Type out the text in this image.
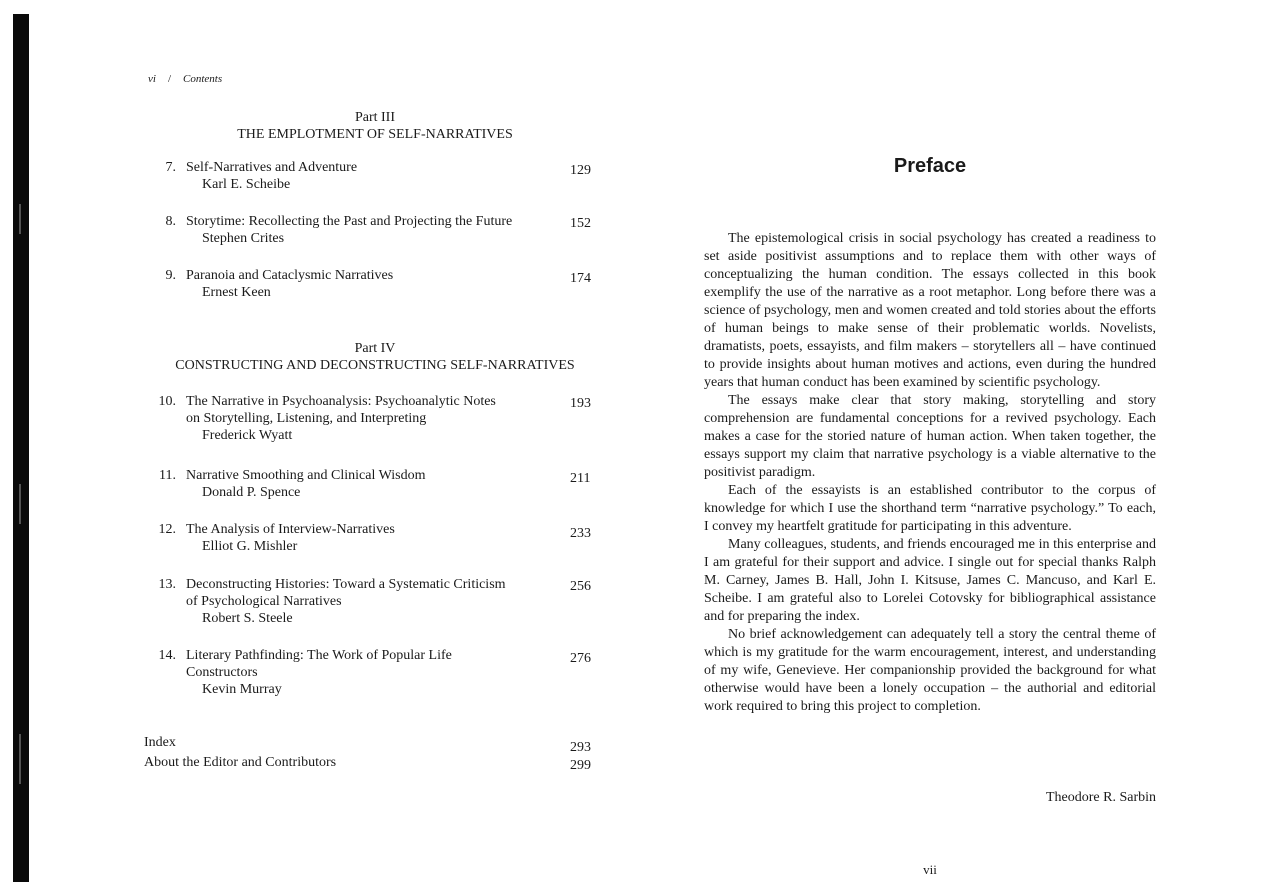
vi / Contents
Part III
THE EMPLOTMENT OF SELF-NARRATIVES
7. Self-Narratives and Adventure
Karl E. Scheibe
129
8. Storytime: Recollecting the Past and Projecting the Future
Stephen Crites
152
9. Paranoia and Cataclysmic Narratives
Ernest Keen
174
Part IV
CONSTRUCTING AND DECONSTRUCTING SELF-NARRATIVES
10. The Narrative in Psychoanalysis: Psychoanalytic Notes
on Storytelling, Listening, and Interpreting
Frederick Wyatt
193
11. Narrative Smoothing and Clinical Wisdom
Donald P. Spence
211
12. The Analysis of Interview-Narratives
Elliot G. Mishler
233
13. Deconstructing Histories: Toward a Systematic Criticism
of Psychological Narratives
Robert S. Steele
256
14. Literary Pathfinding: The Work of Popular Life
Constructors
Kevin Murray
276
Index	293
About the Editor and Contributors	299
Preface

The epistemological crisis in social psychology has created a readiness to set aside positivist assumptions and to replace them with other ways of conceptualizing the human condition. The essays collected in this book exemplify the use of the narrative as a root metaphor. Long before there was a science of psychology, men and women created and told stories about the efforts of human beings to make sense of their problematic worlds. Novelists, dramatists, poets, essayists, and film makers – storytellers all – have continued to provide insights about human motives and actions, even during the hundred years that human conduct has been examined by scientific psychology.

The essays make clear that story making, storytelling and story comprehension are fundamental conceptions for a revived psychology. Each makes a case for the storied nature of human action. When taken together, the essays support my claim that narrative psychology is a viable alternative to the positivist paradigm.

Each of the essayists is an established contributor to the corpus of knowledge for which I use the shorthand term “narrative psychology.” To each, I convey my heartfelt gratitude for participating in this adventure.

Many colleagues, students, and friends encouraged me in this enterprise and I am grateful for their support and advice. I single out for special thanks Ralph M. Carney, James B. Hall, John I. Kitsuse, James C. Mancuso, and Karl E. Scheibe. I am grateful also to Lorelei Cotovsky for bibliographical assistance and for preparing the index.

No brief acknowledgement can adequately tell a story the central theme of which is my gratitude for the warm encouragement, interest, and understanding of my wife, Genevieve. Her companionship provided the background for what otherwise would have been a lonely occupation – the authorial and editorial work required to bring this project to completion.

Theodore R. Sarbin
vii
